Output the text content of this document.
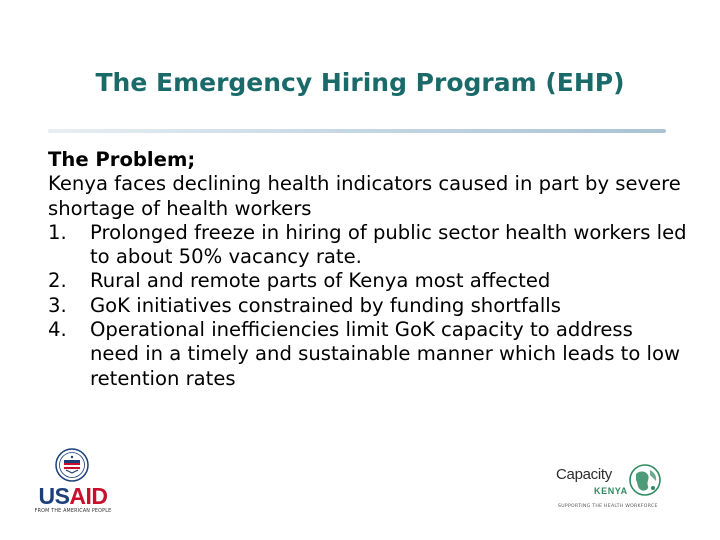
The Emergency Hiring Program (EHP)
The Problem;

Kenya faces declining health indicators caused in part by severe shortage of health workers

1. Prolonged freeze in hiring of public sector health workers led to about 50% vacancy rate.
2. Rural and remote parts of Kenya most affected
3. GoK initiatives constrained by funding shortfalls
4. Operational inefficiencies limit GoK capacity to address need in a timely and sustainable manner which leads to low retention rates
USAID
FROM THE AMERICAN PEOPLE
Capacity
KENYA
SUPPORTING THE HEALTH WORKFORCE
